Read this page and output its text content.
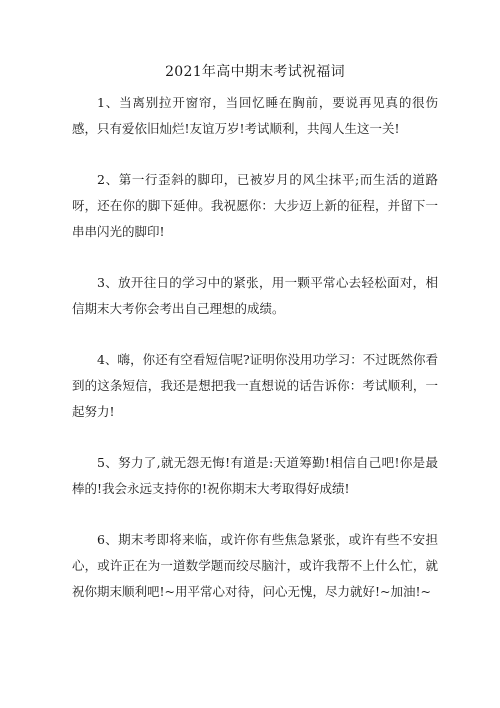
2021年高中期末考试祝福词

1、当离别拉开窗帘，当回忆睡在胸前，要说再见真的很伤感，只有爱依旧灿烂!友谊万岁!考试顺利，共闯人生这一关!

2、第一行歪斜的脚印，已被岁月的风尘抹平;而生活的道路呀，还在你的脚下延伸。我祝愿你：大步迈上新的征程，并留下一串串闪光的脚印!

3、放开往日的学习中的紧张，用一颗平常心去轻松面对，相信期末大考你会考出自己理想的成绩。

4、嗨，你还有空看短信呢?证明你没用功学习：不过既然你看到的这条短信，我还是想把我一直想说的话告诉你：考试顺利，一起努力!

5、努力了,就无怨无悔!有道是:天道筹勤!相信自己吧!你是最棒的!我会永远支持你的!祝你期末大考取得好成绩!

6、期末考即将来临，或许你有些焦急紧张，或许有些不安担心，或许正在为一道数学题而绞尽脑汁，或许我帮不上什么忙，就祝你期末顺利吧!~用平常心对待，问心无愧，尽力就好!~加油!~
